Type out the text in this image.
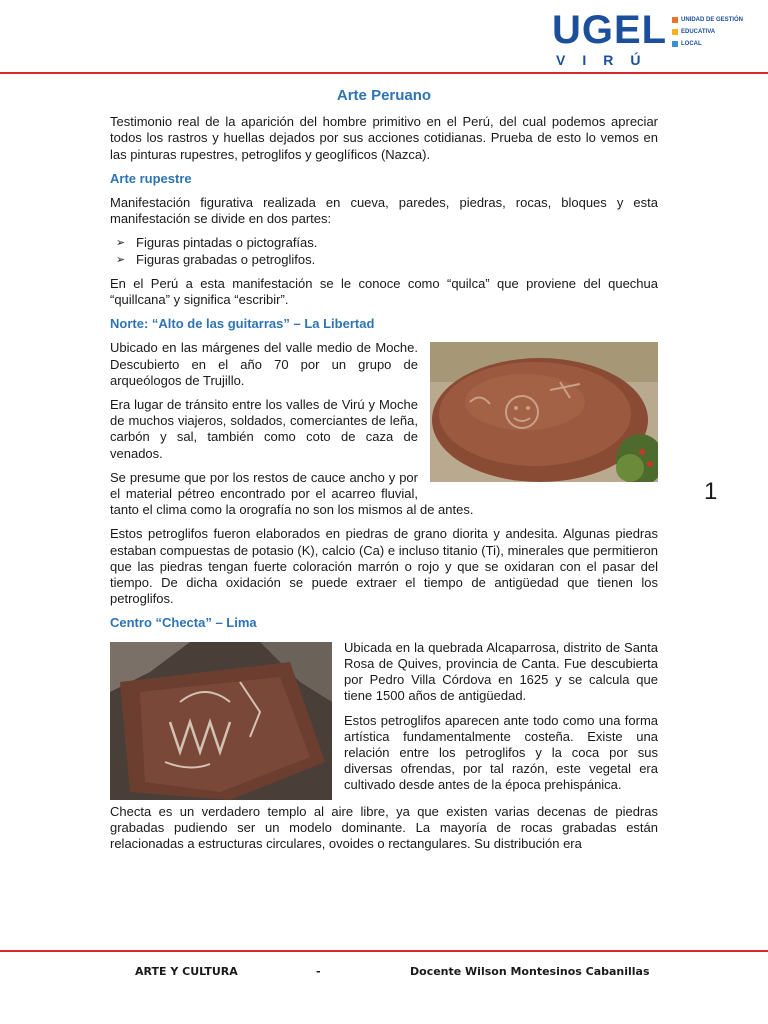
UGEL
VIRÚ
UNIDAD DE GESTIÓN
EDUCATIVA
LOCAL
Arte Peruano

Testimonio real de la aparición del hombre primitivo en el Perú, del cual podemos apreciar todos los rastros y huellas dejados por sus acciones cotidianas. Prueba de esto lo vemos en las pinturas rupestres, petroglifos y geoglíficos (Nazca).

Arte rupestre

Manifestación figurativa realizada en cueva, paredes, piedras, rocas, bloques y esta manifestación se divide en dos partes:

➢ Figuras pintadas o pictografías.
➢ Figuras grabadas o petroglifos.

En el Perú a esta manifestación se le conoce como “quilca” que proviene del quechua “quillcana” y significa “escribir”.

Norte: “Alto de las guitarras” – La Libertad

Ubicado en las márgenes del valle medio de Moche. Descubierto en el año 70 por un grupo de arqueólogos de Trujillo.

Era lugar de tránsito entre los valles de Virú y Moche de muchos viajeros, soldados, comerciantes de leña, carbón y sal, también como coto de caza de venados.

Se presume que por los restos de cauce ancho y por el material pétreo encontrado por el acarreo fluvial, tanto el clima como la orografía no son los mismos al de antes.

Estos petroglifos fueron elaborados en piedras de grano diorita y andesita. Algunas piedras estaban compuestas de potasio (K), calcio (Ca) e incluso titanio (Ti), minerales que permitieron que las piedras tengan fuerte coloración marrón o rojo y que se oxidaran con el pasar del tiempo. De dicha oxidación se puede extraer el tiempo de antigüedad que tienen los petroglifos.

Centro “Checta” – Lima

Ubicada en la quebrada Alcaparrosa, distrito de Santa Rosa de Quives, provincia de Canta. Fue descubierta por Pedro Villa Córdova en 1625 y se calcula que tiene 1500 años de antigüedad.

Estos petroglifos aparecen ante todo como una forma artística fundamentalmente costeña. Existe una relación entre los petroglifos y la coca por sus diversas ofrendas, por tal razón, este vegetal era cultivado desde antes de la época prehispánica.

Checta es un verdadero templo al aire libre, ya que existen varias decenas de piedras grabadas pudiendo ser un modelo dominante. La mayoría de rocas grabadas están relacionadas a estructuras circulares, ovoides o rectangulares. Su distribución era

1
ARTE Y CULTURA	-	Docente Wilson Montesinos Cabanillas
